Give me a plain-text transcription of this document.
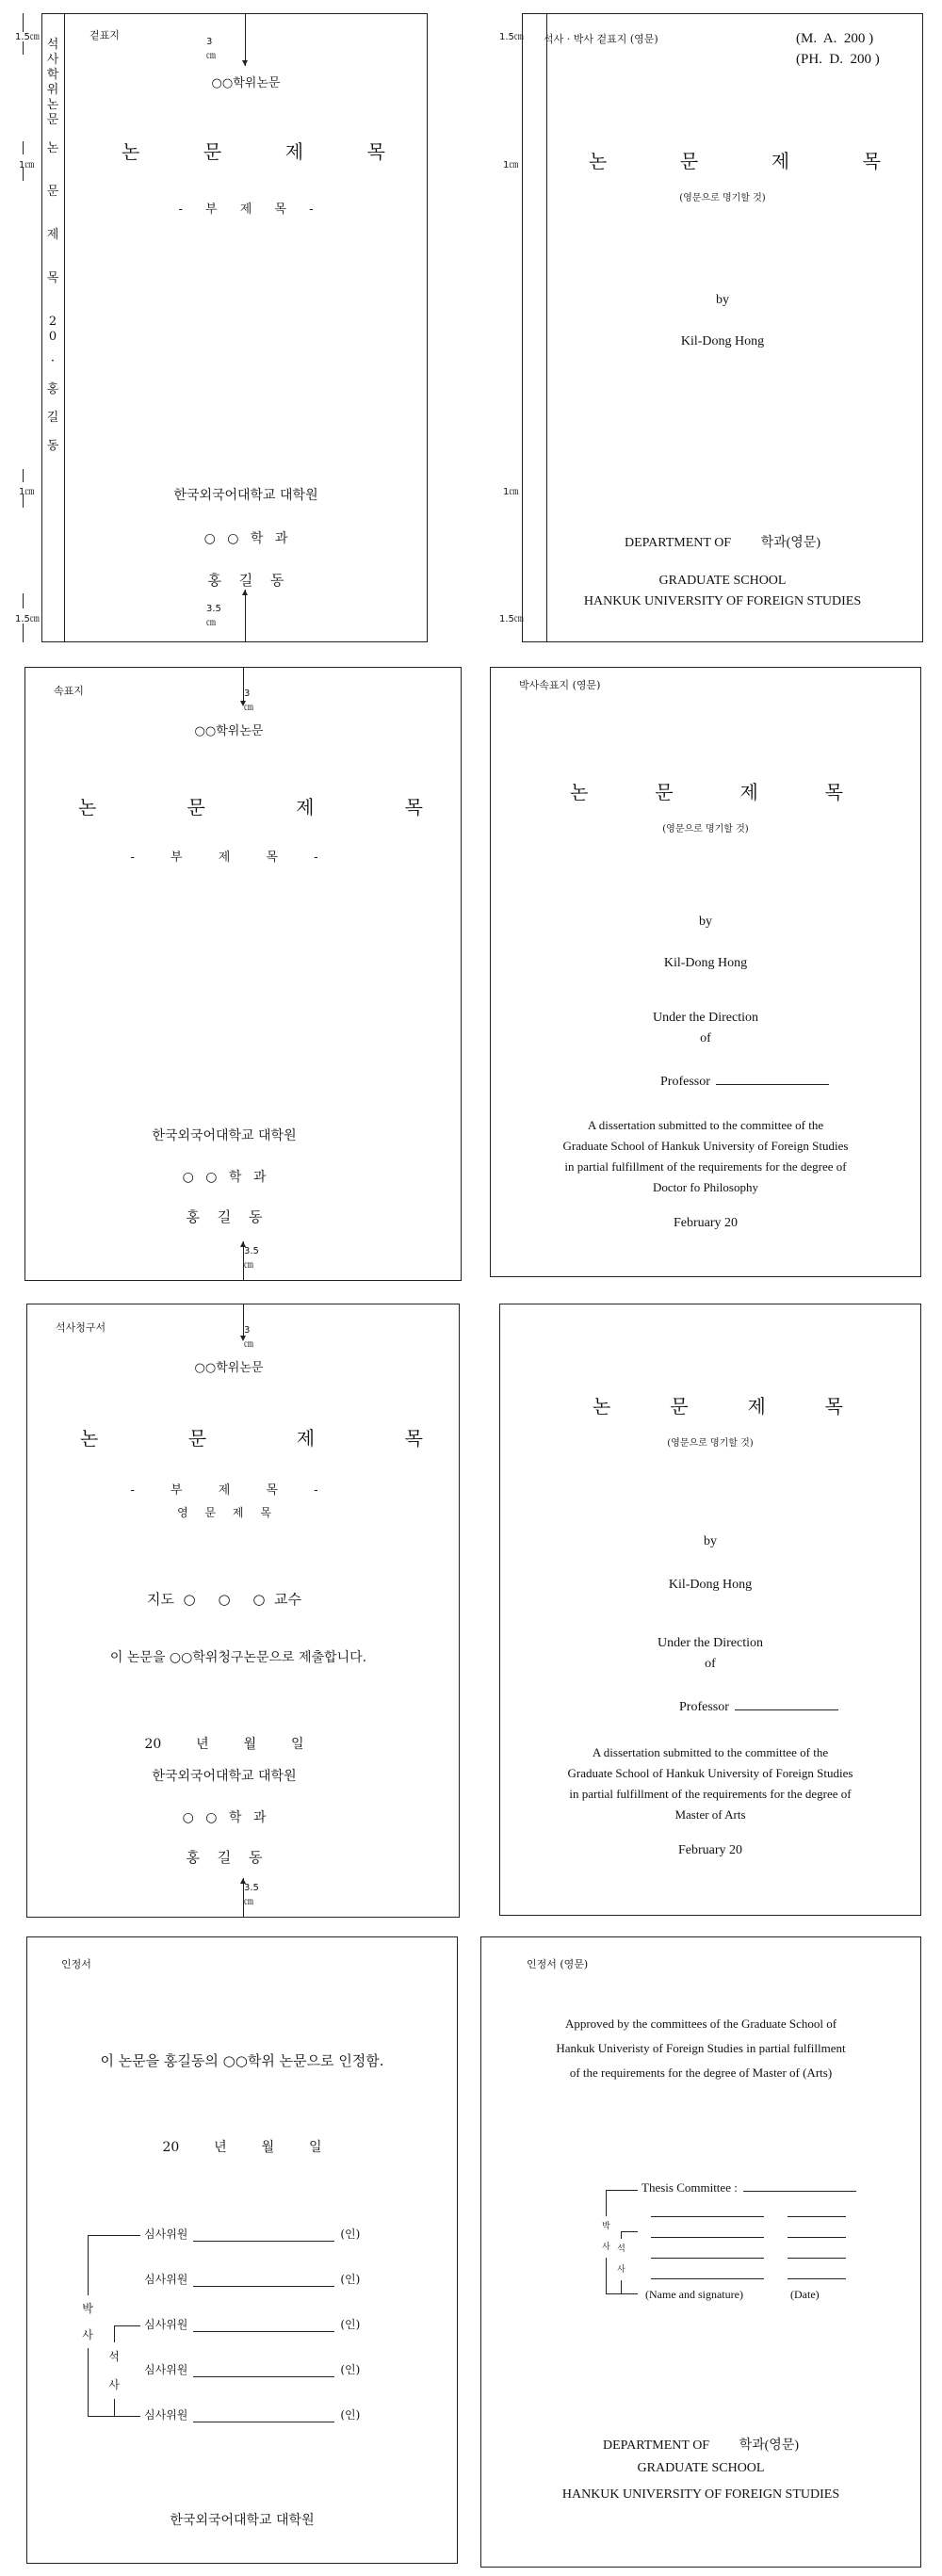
겉표지
3㎝
○○학위논문
논	문	제	목
- 부 제 목 -
한국외국어대학교 대학원
○ ○ 학 과
홍 길 동
3.5㎝
석
사
학
위
논
문
논
문
제
목
2
0
·
홍
길
동
1.5㎝
1㎝
1㎝
1.5㎝
석사 · 박사 겉표지 (영문)	(M.  A.  200 )
(PH.  D.  200 )
논	문	제	목
(영문으로 명기할 것)
by
Kil-Dong Hong
DEPARTMENT OF         학과(영문)
GRADUATE SCHOOL
HANKUK UNIVERSITY OF FOREIGN STUDIES
1.5㎝
1㎝
1㎝
1.5㎝
속표지	3㎝
○○학위논문
논	문	제	목
- 부 제 목 -
한국외국어대학교 대학원
○ ○ 학 과
홍 길 동
3.5㎝
박사속표지 (영문)
논	문	제	목
(영문으로 명기할 것)
by
Kil-Dong Hong
Under the Direction
of
Professor
A dissertation submitted to the committee of the
Graduate School of Hankuk University of Foreign Studies
in partial fulfillment of the requirements for the degree of
Doctor fo Philosophy
February 20
석사청구서	3㎝
○○학위논문
논	문	제	목
- 부 제 목 -
영 문 제 목
지도  ○     ○     ○  교수
이 논문을 ○○학위청구논문으로 제출합니다.
20  년  월  일
한국외국어대학교 대학원
○ ○ 학 과
홍 길 동
3.5㎝
논	문	제	목
(영문으로 명기할 것)
by
Kil-Dong Hong
Under the Direction
of
Professor
A dissertation submitted to the committee of the
Graduate School of Hankuk University of Foreign Studies
in partial fulfillment of the requirements for the degree of
Master of Arts
February 20
인정서
이 논문을 홍길동의 ○○학위 논문으로 인정함.
20  년  월  일
심사위원	(인)
심사위원	(인)
심사위원	(인)
심사위원	(인)
심사위원	(인)
박
사
석
사
한국외국어대학교 대학원
인정서 (영문)
Approved by the committees of the Graduate School of
Hankuk Univeristy of Foreign Studies in partial fulfillment
of the requirements for the degree of Master of (Arts)
Thesis Committee :
박
사 석
사
(Name and signature)	(Date)
DEPARTMENT OF         학과(영문)
GRADUATE SCHOOL
HANKUK UNIVERSITY OF FOREIGN STUDIES
